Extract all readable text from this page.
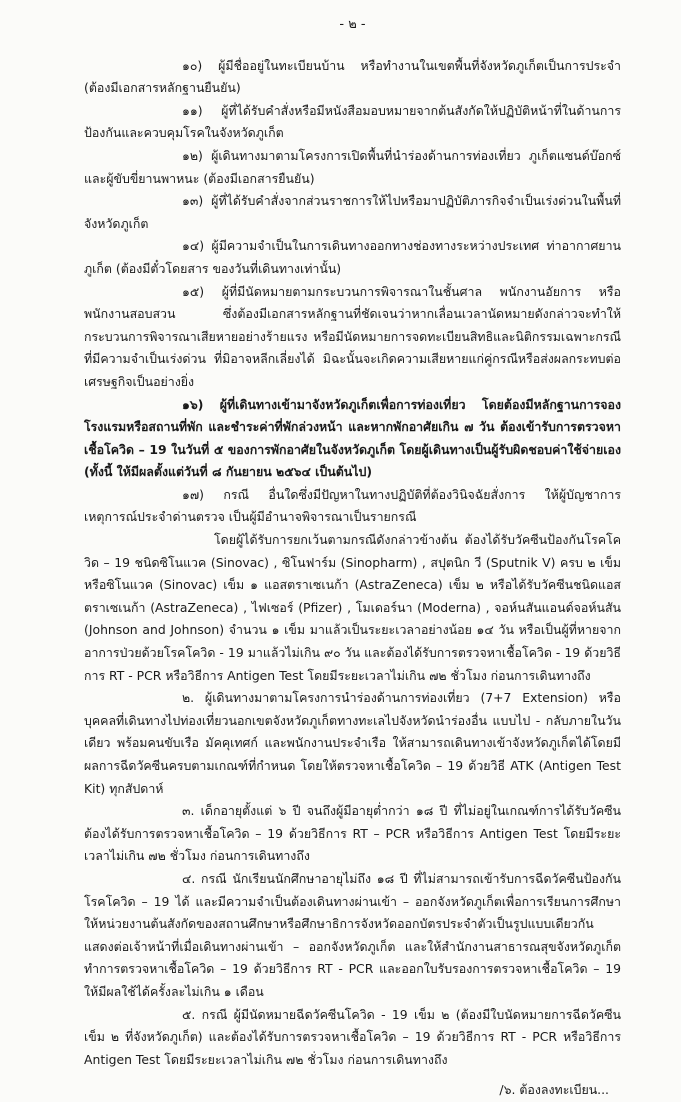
- ๒ -

๑๐) ผู้มีชื่ออยู่ในทะเบียนบ้าน หรือทำงานในเขตพื้นที่จังหวัดภูเก็ตเป็นการประจำ (ต้องมีเอกสารหลักฐานยืนยัน)

๑๑) ผู้ที่ได้รับคำสั่งหรือมีหนังสือมอบหมายจากต้นสังกัดให้ปฏิบัติหน้าที่ในด้านการป้องกันและควบคุมโรคในจังหวัดภูเก็ต

๑๒) ผู้เดินทางมาตามโครงการเปิดพื้นที่นำร่องด้านการท่องเที่ยว ภูเก็ตแซนด์บ๊อกซ์ และผู้ขับขี่ยานพาหนะ (ต้องมีเอกสารยืนยัน)

๑๓) ผู้ที่ได้รับคำสั่งจากส่วนราชการให้ไปหรือมาปฏิบัติภารกิจจำเป็นเร่งด่วนในพื้นที่จังหวัดภูเก็ต

๑๔) ผู้มีความจำเป็นในการเดินทางออกทางช่องทางระหว่างประเทศ ท่าอากาศยานภูเก็ต (ต้องมีตั๋วโดยสาร ของวันที่เดินทางเท่านั้น)

๑๕) ผู้ที่มีนัดหมายตามกระบวนการพิจารณาในชั้นศาล พนักงานอัยการ หรือพนักงานสอบสวน ซึ่งต้องมีเอกสารหลักฐานที่ชัดเจนว่าหากเลื่อนเวลานัดหมายดังกล่าวจะทำให้กระบวนการพิจารณาเสียหายอย่างร้ายแรง หรือมีนัดหมายการจดทะเบียนสิทธิและนิติกรรมเฉพาะกรณีที่มีความจำเป็นเร่งด่วน ที่มิอาจหลีกเลี่ยงได้ มิฉะนั้นจะเกิดความเสียหายแก่คู่กรณีหรือส่งผลกระทบต่อเศรษฐกิจเป็นอย่างยิ่ง

๑๖) ผู้ที่เดินทางเข้ามาจังหวัดภูเก็ตเพื่อการท่องเที่ยว โดยต้องมีหลักฐานการจองโรงแรมหรือสถานที่พัก และชำระค่าที่พักล่วงหน้า และหากพักอาศัยเกิน ๗ วัน ต้องเข้ารับการตรวจหาเชื้อโควิด – 19 ในวันที่ ๕ ของการพักอาศัยในจังหวัดภูเก็ต โดยผู้เดินทางเป็นผู้รับผิดชอบค่าใช้จ่ายเอง (ทั้งนี้ ให้มีผลตั้งแต่วันที่ ๘ กันยายน ๒๕๖๔ เป็นต้นไป)

๑๗) กรณี อื่นใดซึ่งมีปัญหาในทางปฏิบัติที่ต้องวินิจฉัยสั่งการ ให้ผู้บัญชาการเหตุการณ์ประจำด่านตรวจ เป็นผู้มีอำนาจพิจารณาเป็นรายกรณี

โดยผู้ได้รับการยกเว้นตามกรณีดังกล่าวข้างต้น ต้องได้รับวัคซีนป้องกันโรคโควิด – 19 ชนิดซิโนแวค (Sinovac) , ซิโนฟาร์ม (Sinopharm) , สปุตนิก วี (Sputnik V) ครบ ๒ เข็ม หรือซิโนแวค (Sinovac) เข็ม ๑ แอสตราเซเนก้า (AstraZeneca) เข็ม ๒ หรือได้รับวัคซีนชนิดแอสตราเซเนก้า (AstraZeneca) , ไฟเซอร์ (Pfizer) , โมเดอร์นา (Moderna) , จอห์นสันแอนด์จอห์นสัน (Johnson and Johnson) จำนวน ๑ เข็ม มาแล้วเป็นระยะเวลาอย่างน้อย ๑๔ วัน หรือเป็นผู้ที่หายจากอาการป่วยด้วยโรคโควิด - 19 มาแล้วไม่เกิน ๙๐ วัน และต้องได้รับการตรวจหาเชื้อโควิด - 19 ด้วยวิธีการ RT - PCR หรือวิธีการ Antigen Test โดยมีระยะเวลาไม่เกิน ๗๒ ชั่วโมง ก่อนการเดินทางถึง

๒. ผู้เดินทางมาตามโครงการนำร่องด้านการท่องเที่ยว (7+7 Extension) หรือบุคคลที่เดินทางไปท่องเที่ยวนอกเขตจังหวัดภูเก็ตทางทะเลไปจังหวัดนำร่องอื่น แบบไป - กลับภายในวันเดียว พร้อมคนขับเรือ มัคคุเทศก์ และพนักงานประจำเรือ ให้สามารถเดินทางเข้าจังหวัดภูเก็ตได้โดยมีผลการฉีดวัคซีนครบตามเกณฑ์ที่กำหนด โดยให้ตรวจหาเชื้อโควิด – 19 ด้วยวิธี ATK (Antigen Test Kit) ทุกสัปดาห์

๓. เด็กอายุตั้งแต่ ๖ ปี จนถึงผู้มีอายุต่ำกว่า ๑๘ ปี ที่ไม่อยู่ในเกณฑ์การได้รับวัคซีน ต้องได้รับการตรวจหาเชื้อโควิด – 19 ด้วยวิธีการ RT – PCR หรือวิธีการ Antigen Test โดยมีระยะเวลาไม่เกิน ๗๒ ชั่วโมง ก่อนการเดินทางถึง

๔. กรณี นักเรียนนักศึกษาอายุไม่ถึง ๑๘ ปี ที่ไม่สามารถเข้ารับการฉีดวัคซีนป้องกันโรคโควิด – 19 ได้ และมีความจำเป็นต้องเดินทางผ่านเข้า – ออกจังหวัดภูเก็ตเพื่อการเรียนการศึกษา ให้หน่วยงานต้นสังกัดของสถานศึกษาหรือศึกษาธิการจังหวัดออกบัตรประจำตัวเป็นรูปแบบเดียวกัน แสดงต่อเจ้าหน้าที่เมื่อเดินทางผ่านเข้า – ออกจังหวัดภูเก็ต และให้สำนักงานสาธารณสุขจังหวัดภูเก็ตทำการตรวจหาเชื้อโควิด – 19 ด้วยวิธีการ RT - PCR และออกใบรับรองการตรวจหาเชื้อโควิด – 19 ให้มีผลใช้ได้ครั้งละไม่เกิน ๑ เดือน

๕. กรณี ผู้มีนัดหมายฉีดวัคซีนโควิด - 19 เข็ม ๒ (ต้องมีใบนัดหมายการฉีดวัคซีนเข็ม ๒ ที่จังหวัดภูเก็ต) และต้องได้รับการตรวจหาเชื้อโควิด – 19 ด้วยวิธีการ RT - PCR หรือวิธีการ Antigen Test โดยมีระยะเวลาไม่เกิน ๗๒ ชั่วโมง ก่อนการเดินทางถึง

/๖. ต้องลงทะเบียน...
